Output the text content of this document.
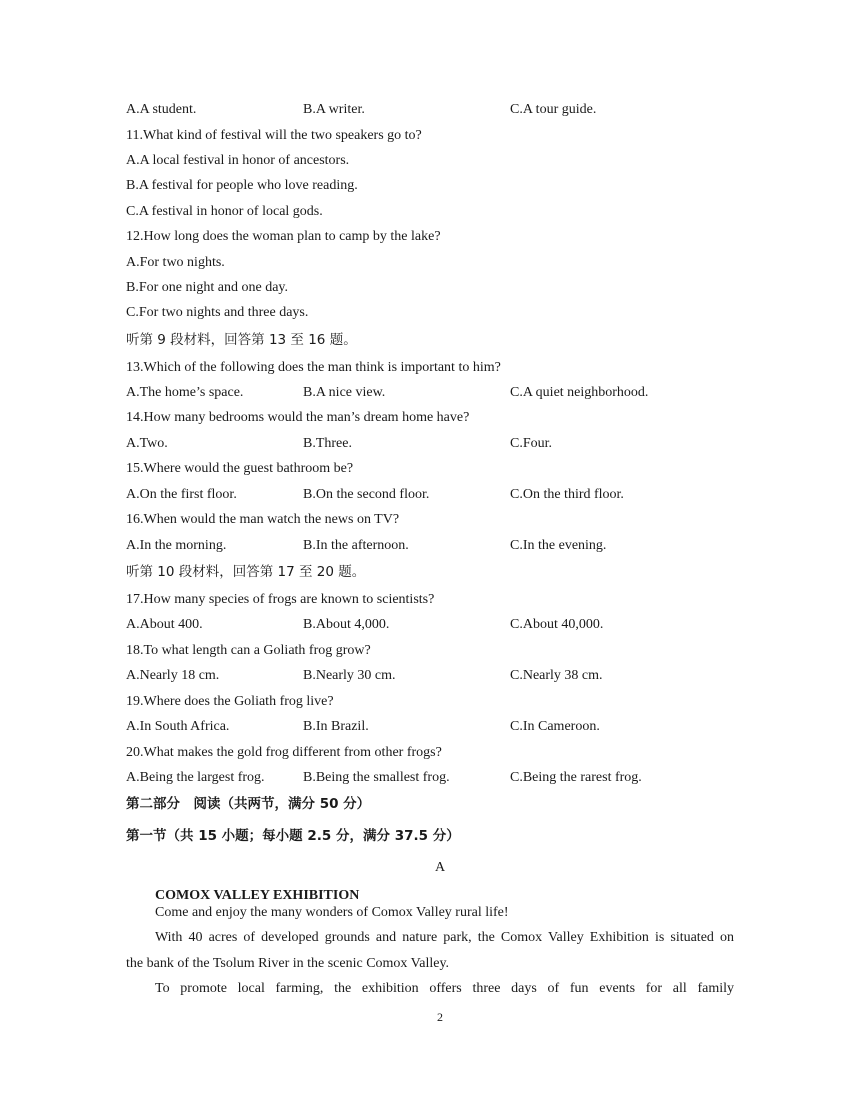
A.A student.	B.A writer.	C.A tour guide.
11.What kind of festival will the two speakers go to?
A.A local festival in honor of ancestors.
B.A festival for people who love reading.
C.A festival in honor of local gods.
12.How long does the woman plan to camp by the lake?
A.For two nights.
B.For one night and one day.
C.For two nights and three days.
听第 9 段材料，回答第 13 至 16 题。
13.Which of the following does the man think is important to him?
A.The home’s space.	B.A nice view.	C.A quiet neighborhood.
14.How many bedrooms would the man’s dream home have?
A.Two.	B.Three.	C.Four.
15.Where would the guest bathroom be?
A.On the first floor.	B.On the second floor.	C.On the third floor.
16.When would the man watch the news on TV?
A.In the morning.	B.In the afternoon.	C.In the evening.
听第 10 段材料，回答第 17 至 20 题。
17.How many species of frogs are known to scientists?
A.About 400.	B.About 4,000.	C.About 40,000.
18.To what length can a Goliath frog grow?
A.Nearly 18 cm.	B.Nearly 30 cm.	C.Nearly 38 cm.
19.Where does the Goliath frog live?
A.In South Africa.	B.In Brazil.	C.In Cameroon.
20.What makes the gold frog different from other frogs?
A.Being the largest frog.	B.Being the smallest frog.	C.Being the rarest frog.
第二部分　阅读（共两节，满分 50 分）
第一节（共 15 小题；每小题 2.5 分，满分 37.5 分）
A
COMOX VALLEY EXHIBITION
Come and enjoy the many wonders of Comox Valley rural life!
With 40 acres of developed grounds and nature park, the Comox Valley Exhibition is situated on
the bank of the Tsolum River in the scenic Comox Valley.
To promote local farming, the exhibition offers three days of fun events for all family
2
